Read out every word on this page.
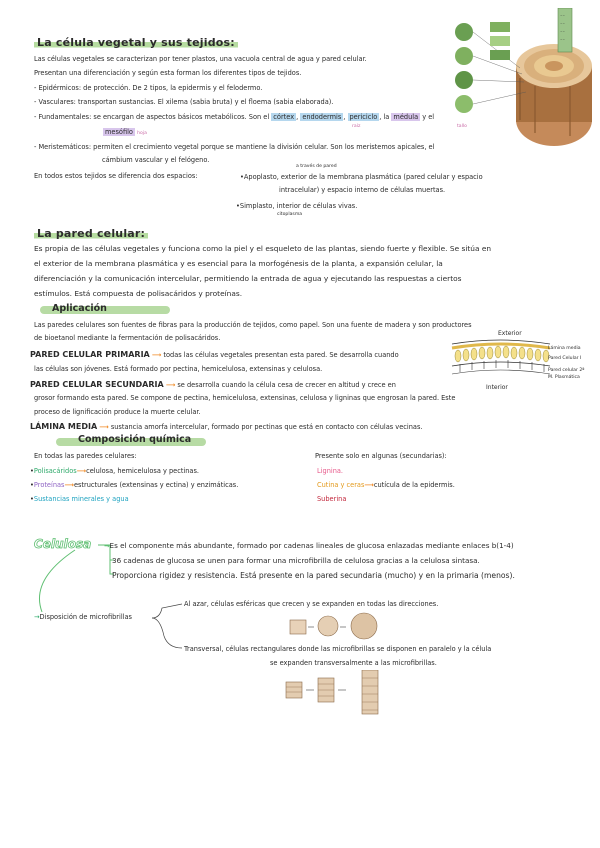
La célula vegetal y sus tejidos:
~~
~~
~~
~~
Las células vegetales se caracterizan por tener plastos, una vacuola central de agua y pared celular.
Presentan una diferenciación y según esta forman los diferentes tipos de tejidos.
- Epidérmicos: de protección. De 2 tipos, la epidermis y el felodermo.
- Vasculares: transportan sustancias. El xilema (sabia bruta) y el floema (sabia elaborada).
- Fundamentales: se encargan de aspectos básicos metabólicos. Son el córtex , endodermis , periciclo , la médula y el
raíz	tallo
mesófilo hoja
- Meristemáticos: permiten el crecimiento vegetal porque se mantiene la división celular. Son los meristemos apicales, el
cámbium vascular y el felógeno.
En todos estos tejidos se diferencia dos espacios:
a través de pared
•Apoplasto, exterior de la membrana plasmática (pared celular y espacio
intracelular) y espacio interno de células muertas.
•Simplasto, interior de células vivas.
citoplasma
La pared celular:
Es propia de las células vegetales y funciona como la piel y el esqueleto de las plantas, siendo fuerte y flexible. Se sitúa en
el exterior de la membrana plasmática y es esencial para la morfogénesis de la planta, a expansión celular, la
diferenciación y la comunicación intercelular, permitiendo la entrada de agua y ejecutando las respuestas a ciertos
estímulos. Está compuesta de polisacáridos y proteínas.
Aplicación
Las paredes celulares son fuentes de fibras para la producción de tejidos, como papel. Son una fuente de madera y son productores
de bioetanol mediante la fermentación de polisacáridos.
PARED CELULAR PRIMARIA ⟶ todas las células vegetales presentan esta pared. Se desarrolla cuando
las células son jóvenes. Está formado por pectina, hemicelulosa, extensinas y celulosa.
PARED CELULAR SECUNDARIA ⟶ se desarrolla cuando la célula cesa de crecer en altitud y crece en
grosor formando esta pared. Se compone de pectina, hemicelulosa, extensinas, celulosa y ligninas que engrosan la pared. Este
proceso de lignificación produce la muerte celular.
LÁMINA MEDIA ⟶ sustancia amorfa intercelular, formado por pectinas que está en contacto con células vecinas.
Exterior
Lámina media
Pared Celular I
Pared celular 2ª
M. Plasmática
Interior
Composición química
En todas las paredes celulares:
•Polisacáridos⟶celulosa, hemicelulosa y pectinas.
•Proteínas⟶estructurales (extensinas y ectina) y enzimáticas.
•Sustancias minerales y agua
Presente solo en algunas (secundarias):
Lignina.
Cutina y ceras⟶cutícula de la epidermis.
Suberina
Celulosa →Es el componente más abundante, formado por cadenas lineales de glucosa enlazadas mediante enlaces b(1-4)
36 cadenas de glucosa se unen para formar una microfibrilla de celulosa gracias a la celulosa sintasa.
Proporciona rigidez y resistencia. Está presente en la pared secundaria (mucho) y en la primaria (menos).
→Disposición de microfibrillas
Al azar, células esféricas que crecen y se expanden en todas las direcciones.
Transversal, células rectangulares donde las microfibrillas se disponen en paralelo y la célula
se expanden transversalmente a las microfibrillas.
